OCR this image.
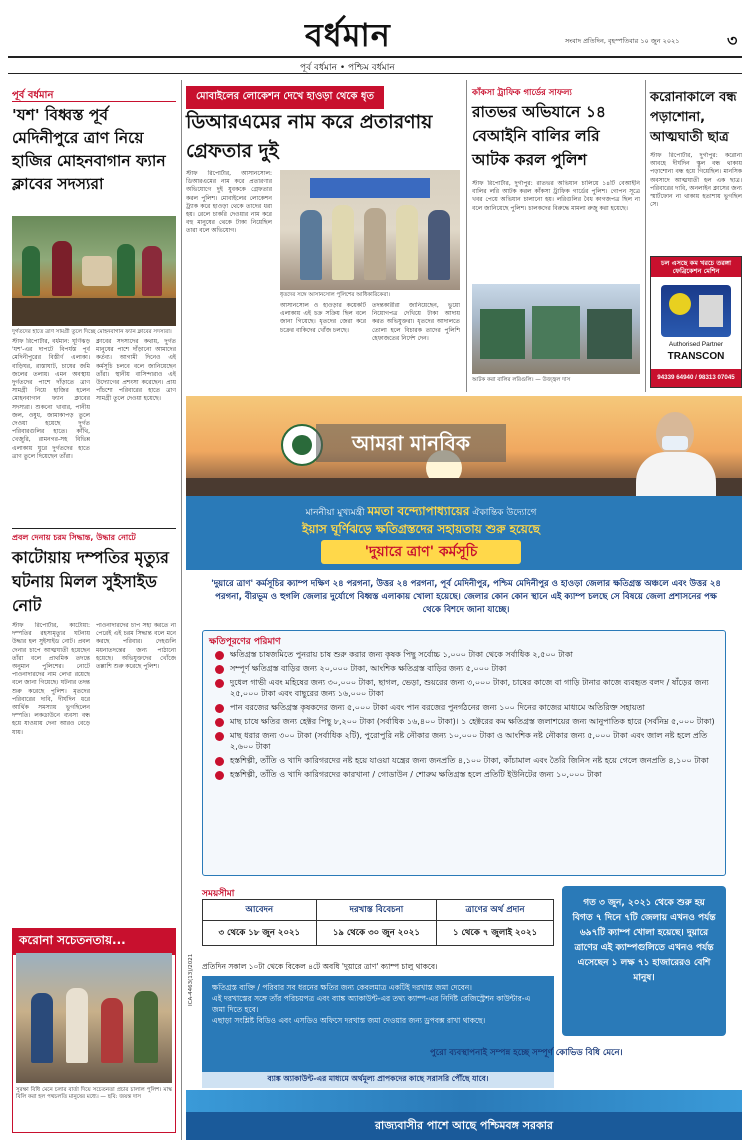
বর্ধমান	সংবাদ প্রতিদিন, বৃহস্পতিবার ১০ জুন ২০২১	৩
পূর্ব বর্ধমান • পশ্চিম বর্ধমান
পূর্ব বর্ধমান
'যশ' বিধ্বস্ত পূর্ব মেদিনীপুরে ত্রাণ নিয়ে হাজির মোহনবাগান ফ্যান ক্লাবের সদস্যরা
দুর্গতদের হাতে ত্রাণ সামগ্রী তুলে দিচ্ছে মোহনবাগান ফ্যান ক্লাবের সদস্যরা।
স্টাফ রিপোর্টার, বর্ধমান: ঘূর্ণিঝড় 'যশ'-এর দাপটে বিপর্যস্ত পূর্ব মেদিনীপুরের বিস্তীর্ণ এলাকা। বাড়িঘর, রাস্তাঘাট, চাষের জমি জলের তলায়। এমন অবস্থায় দুর্গতদের পাশে দাঁড়াতে ত্রাণ সামগ্রী নিয়ে হাজির হলেন মোহনবাগান ফ্যান ক্লাবের সদস্যরা। শুকনো খাবার, পানীয় জল, ওষুধ, জামাকাপড় তুলে দেওয়া হয়েছে দুর্গত পরিবারগুলির হাতে। কাঁথি, খেজুরি, রামনগর-সহ বিভিন্ন এলাকায় ঘুরে দুর্গতদের হাতে ত্রাণ তুলে দিয়েছেন তাঁরা।
ক্লাবের সদস্যদের কথায়, দুর্গত মানুষের পাশে দাঁড়ানো আমাদের কর্তব্য। আগামী দিনেও এই কর্মসূচি চলবে বলে জানিয়েছেন তাঁরা। স্থানীয় বাসিন্দারাও এই উদ্যোগের প্রশংসা করেছেন। প্রায় পাঁচশো পরিবারের হাতে ত্রাণ সামগ্রী তুলে দেওয়া হয়েছে।
প্রবল দেনায় চরম সিদ্ধান্ত, উদ্ধার নোটে
কাটোয়ায় দম্পতির মৃত্যুর ঘটনায় মিলল সুইসাইড নোট
স্টাফ রিপোর্টার, কাটোয়া: দম্পতির রহস্যমৃত্যুর ঘটনায় উদ্ধার হল সুইসাইড নোট। প্রবল দেনার চাপে আত্মঘাতী হয়েছেন তাঁরা বলে প্রাথমিক তদন্তে অনুমান পুলিশের। নোটে পাওনাদারদের নাম লেখা রয়েছে বলে জানা গিয়েছে। ঘটনার তদন্ত শুরু করেছে পুলিশ। মৃতদের পরিবারের দাবি, দীর্ঘদিন ধরে আর্থিক সমস্যায় ভুগছিলেন দম্পতি। লকডাউনে ব্যবসা বন্ধ হয়ে যাওয়ায় দেনা আরও বেড়ে যায়।
পাওনাদারদের চাপ সহ্য করতে না পেরেই এই চরম সিদ্ধান্ত বলে মনে করছে পরিবার। দেহগুলি ময়নাতদন্তের জন্য পাঠানো হয়েছে। অভিযুক্তদের খোঁজে তল্লাশি শুরু করেছে পুলিশ।
করোনা সচেতনতায়...
সুরক্ষা বিধি মেনে চলার বার্তা দিয়ে সচেতনতা প্রচার চালাল পুলিশ। মাস্ক বিলি করা হল পথচলতি মানুষের মধ্যে। — ছবি: জয়ন্ত দাস
মোবাইলের লোকেশন দেখে হাওড়া থেকে ধৃত
ডিআরএমের নাম করে প্রতারণায় গ্রেফতার দুই
স্টাফ রিপোর্টার, আসানসোল: ডিআরএমের নাম করে প্রতারণার অভিযোগে দুই যুবককে গ্রেফতার করল পুলিশ। মোবাইলের লোকেশন ট্র্যাক করে হাওড়া থেকে তাদের ধরা হয়। রেলে চাকরি দেওয়ার নাম করে বহু মানুষের থেকে টাকা নিয়েছিল তারা বলে অভিযোগ।
ধৃতদের সঙ্গে আসানসোল পুলিশের আধিকারিকেরা।
আসানসোল ও হাওড়ার কয়েকটি এলাকায় এই চক্র সক্রিয় ছিল বলে জানা গিয়েছে। ধৃতদের জেরা করে চক্রের বাকিদের খোঁজ চলছে।
তদন্তকারীরা জানিয়েছেন, ভুয়ো নিয়োগপত্র দেখিয়ে টাকা আদায় করত অভিযুক্তরা। ধৃতদের আদালতে তোলা হলে বিচারক তাদের পুলিশি হেফাজতের নির্দেশ দেন।
কাঁকসা ট্রাফিক গার্ডের সাফল্য
রাতভর অভিযানে ১৪ বেআইনি বালির লরি আটক করল পুলিশ
স্টাফ রিপোর্টার, দুর্গাপুর: রাতভর অভিযান চালিয়ে ১৪টি বেআইনি বালির লরি আটক করল কাঁকসা ট্রাফিক গার্ডের পুলিশ। গোপন সূত্রে খবর পেয়ে অভিযান চালানো হয়। লরিগুলির বৈধ কাগজপত্র ছিল না বলে জানিয়েছে পুলিশ। চালকদের বিরুদ্ধে মামলা রুজু করা হয়েছে।
আটক করা বালির লরিগুলি। — উজ্জ্বল দাস
করোনাকালে বন্ধ পড়াশোনা, আত্মঘাতী ছাত্র
স্টাফ রিপোর্টার, দুর্গাপুর: করোনা আবহে দীর্ঘদিন স্কুল বন্ধ থাকায় পড়াশোনা বন্ধ হয়ে গিয়েছিল। মানসিক অবসাদে আত্মঘাতী হল এক ছাত্র। পরিবারের দাবি, অনলাইন ক্লাসের জন্য স্মার্টফোন না থাকায় হতাশায় ভুগছিল সে।
চল এসছে কম খরচে তরঙ্গা ফেব্রিকেশন মেশিন
Authorised Partner
TRANSCON
94339 64940 / 98313 07045
আমরা মানবিক
মাননীয়া মুখ্যমন্ত্রী মমতা বন্দ্যোপাধ্যায়ের ঐকান্তিক উদ্যোগে
ইয়াস ঘূর্ণিঝড়ে ক্ষতিগ্রস্তদের সহায়তায় শুরু হয়েছে
'দুয়ারে ত্রাণ' কর্মসূচি
'দুয়ারে ত্রাণ' কর্মসূচির ক্যাম্প দক্ষিণ ২৪ পরগনা, উত্তর ২৪ পরগনা, পূর্ব মেদিনীপুর, পশ্চিম মেদিনীপুর ও হাওড়া জেলার ক্ষতিগ্রস্ত অঞ্চলে এবং উত্তর ২৪ পরগনা, বীরভূম ও হুগলি জেলার দুর্যোগে বিধ্বস্ত এলাকায় খোলা হয়েছে। জেলার কোন কোন স্থানে এই ক্যাম্প চলছে সে বিষয়ে জেলা প্রশাসনের পক্ষ থেকে বিশদে জানা যাচ্ছে।
ক্ষতিপূরণের পরিমাণ
ক্ষতিগ্রস্ত চাষজমিতে পুনরায় চাষ শুরু করার জন্য কৃষক পিছু সর্বোচ্চ ১,০০০ টাকা থেকে সর্বাধিক ২,৫০০ টাকা
সম্পূর্ণ ক্ষতিগ্রস্ত বাড়ির জন্য ২০,০০০ টাকা, আংশিক ক্ষতিগ্রস্ত বাড়ির জন্য ৫,০০০ টাকা
দুধেল গাভী এবং মহিষের জন্য ৩০,০০০ টাকা, ছাগল, ভেড়া, শুয়রের জন্য ৩,০০০ টাকা, চাষের কাজে বা গাড়ি টানার কাজে ব্যবহৃত বলদ / ষাঁড়ের জন্য ২৫,০০০ টাকা এবং বাছুরের জন্য ১৬,০০০ টাকা
পান বরজের ক্ষতিগ্রস্ত কৃষকদের জন্য ৫,০০০ টাকা এবং পান বরজের পুনর্গঠনের জন্য ১০০ দিনের কাজের মাধ্যমে অতিরিক্ত সহায়তা
মাছ চাষে ক্ষতির জন্য হেক্টর পিছু ৮,২০০ টাকা (সর্বাধিক ১৬,৪০০ টাকা)। ১ হেক্টরের কম ক্ষতিগ্রস্ত জলাশয়ের জন্য আনুপাতিক হারে (সর্বনিম্ন ৫,০০০ টাকা)
মাছ ধরার জন্য ৩০০ টাকা (সর্বাধিক ২টি), পুরোপুরি নষ্ট নৌকার জন্য ১০,০০০ টাকা ও আংশিক নষ্ট নৌকার জন্য ৫,০০০ টাকা এবং জাল নষ্ট হলে প্রতি ২,৬০০ টাকা
হস্তশিল্পী, তাঁতি ও খাদি কারিগরদের নষ্ট হয়ে যাওয়া যন্ত্রের জন্য জনপ্রতি ৪,১০০ টাকা, কাঁচামাল এবং তৈরি জিনিস নষ্ট হয়ে গেলে জনপ্রতি ৪,১০০ টাকা
হস্তশিল্পী, তাঁতি ও খাদি কারিগরদের কারখানা / গোডাউন / শোরুম ক্ষতিগ্রস্ত হলে প্রতিটি ইউনিটের জন্য ১০,০০০ টাকা
সময়সীমা
আবেদন	দরখাস্ত বিবেচনা	ত্রাণের অর্থ প্রদান
৩ থেকে ১৮ জুন ২০২১	১৯ থেকে ৩০ জুন ২০২১	১ থেকে ৭ জুলাই ২০২১
প্রতিদিন সকাল ১০টা থেকে বিকেল ৪টে অবধি 'দুয়ারে ত্রাণ' ক্যাম্প চালু থাকবে।
গত ৩ জুন, ২০২১ থেকে শুরু হয় বিগত ৭ দিনে ৭টি জেলায় এখনও পর্যন্ত ৬৯৭টি ক্যাম্প খোলা হয়েছে। দুয়ারে ত্রাণের এই ক্যাম্পগুলিতে এখনও পর্যন্ত এসেছেন ১ লক্ষ ৭১ হাজারেরও বেশি মানুষ।
ক্ষতিগ্রস্ত ব্যক্তি / পরিবার সব ধরনের ক্ষতির জন্য কেবলমাত্র একটিই দরখাস্ত জমা দেবেন।
এই দরখাস্তের সঙ্গে তাঁর পরিচয়পত্র এবং ব্যাঙ্ক অ্যাকাউন্ট-এর তথ্য ক্যাম্প-এর নির্দিষ্ট রেজিস্ট্রেশন কাউন্টার-এ জমা দিতে হবে।
এছাড়া সংশ্লিষ্ট বিডিও এবং এসডিও অফিসে দরখাস্ত জমা দেওয়ার জন্য ড্রপবক্স রাখা থাকছে।
ব্যাঙ্ক অ্যাকাউন্ট-এর মাধ্যমে অর্থমূল্য প্রাপকদের কাছে সরাসরি পৌঁছে যাবে।
পুরো ব্যবস্থাপনাই সম্পন্ন হচ্ছে সম্পূর্ণ কোভিড বিধি মেনে।
ICA-4463(13)/2021
রাজ্যবাসীর পাশে আছে পশ্চিমবঙ্গ সরকার
